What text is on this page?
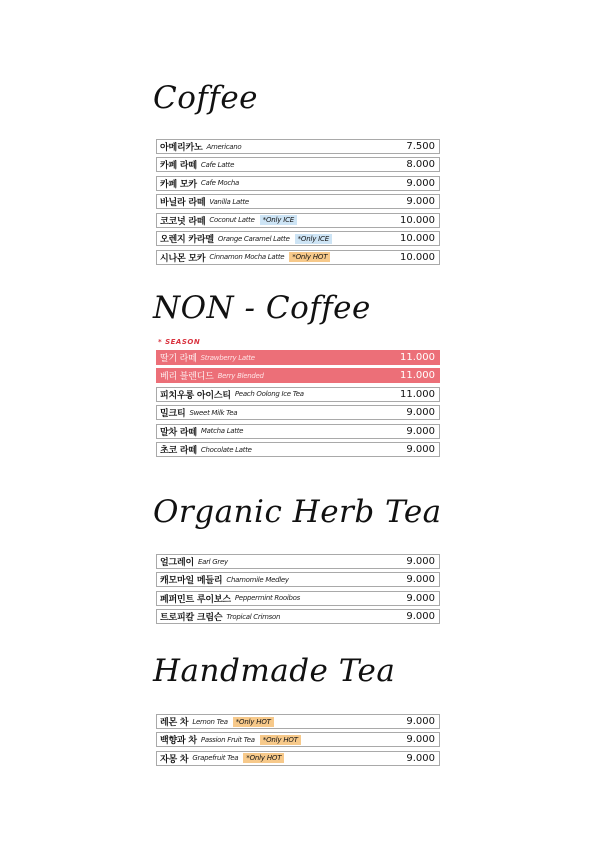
Coffee
아메리카노 Americano	7.500
카페 라떼 Cafe Latte	8.000
카페 모카 Cafe Mocha	9.000
바닐라 라떼 Vanilla Latte	9.000
코코넛 라떼 Coconut Latte	*Only ICE	10.000
오렌지 카라멜 Orange Caramel Latte	*Only ICE	10.000
시나몬 모카 Cinnamon Mocha Latte	*Only HOT	10.000
NON - Coffee
* SEASON
딸기 라떼 Strawberry Latte	11.000
베리 블렌디드 Berry Blended	11.000
피치우롱 아이스티 Peach Oolong Ice Tea	11.000
밀크티 Sweet Milk Tea	9.000
말차 라떼 Matcha Latte	9.000
초코 라떼 Chocolate Latte	9.000
Organic Herb Tea
얼그레이 Earl Grey	9.000
캐모마일 메들리 Chamomile Medley	9.000
페퍼민트 루이보스 Peppermint Rooibos	9.000
트로피칼 크림슨 Tropical Crimson	9.000
Handmade Tea
레몬 차 Lemon Tea	*Only HOT	9.000
백향과 차 Passion Fruit Tea	*Only HOT	9.000
자몽 차 Grapefruit Tea	*Only HOT	9.000
